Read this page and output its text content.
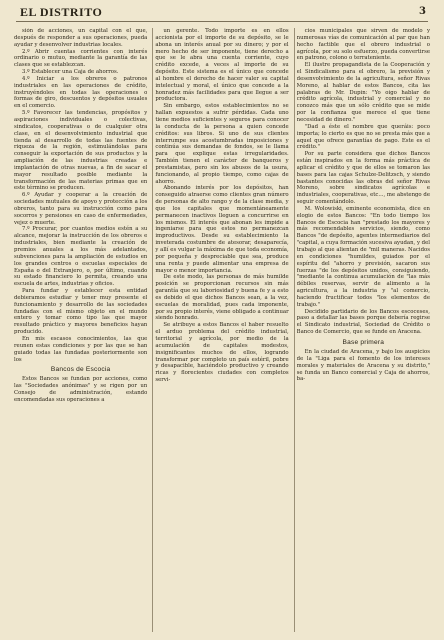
EL DISTRITO	3

sión de acciones, un capital con el que, después de responder a sus operaciones, pueda ayudar y desenvolver industrias locales.

2.º Abrir cuentas corrientes con interés ordinario o mutuo, mediante la garantía de las clases que se establezcan.

3.º Establecer una Caja de ahorros.

4.º Iniciar a los obreros o patronos industriales en las operaciones de crédito, instruyéndoles en todas las operaciones o formas de giro, descuentos y depósitos usuales en el comercio.

5.º Favorecer las tendencias, propósitos y aspiraciones individuales o colectivas, sindicatos, cooperativas o de cualquier otra clase, en el desenvolvimiento industrial que tienda al desarrollo de todas las fuentes de riqueza de la región, estimulándolas para conseguir la exportación de sus productos y la ampliación de las industrias creadas e implantación de otras nuevas, a fin de sacar el mayor resultado posible mediante la transformación de las materias primas que en este término se producen.

6.º Ayudar y cooperar a la creación de sociedades mutuales de apoyo y protección a los obreros, tanto para su instrucción como para socorros y pensiones en caso de enfermedades, vejez o muerte.

7.º Procurar, por cuantos medios estén a su alcance, mejorar la instrucción de los obreros e industriales, bien mediante la creación de premios anuales a los más adelantados, subvenciones para la ampliación de estudios en los grandes centros o escuelas especiales de España o del Extranjero, o, por último, cuando su estado financiero lo permita, creando una escuela de artes, industrias y oficios.

Para fundar y establecer esta entidad debieramos estudiar y tener muy presente el funcionamiento y desarrollo de las sociedades fundadas con el mismo objeto en el mundo entero y tomar como tipo las que mayor resultado práctico y mayores beneficios hayan producido.

En mis escasos conocimientos, las que reunen estas condiciones y por las que se han guiado todas las fundadas posteriormente son los

Bancos de Escocia

Estos Bancos se fundan por acciones, como las "Sociedades anónimas" y se rigen por un Consejo de administración, estando encomendadas sus operaciones a

un gerente. Todo importe es en ellos accionista por el importe de su depósito, se le abona un interés anual por su dinero; y por el mero hecho de ser imponente, tiene derecho a que se le abra una cuenta corriente, cuyo crédito excede, a veces al importe de su depósito. Este sistema es el único que concede al hombre el derecho de hacer valer su capital intelectual y moral, el único que concede a la honradez más facilidades para que llegue a ser productora.

Sin embargo, estos establecimientos no se hallan expuestos a sufrir pérdidas. Cada uno tiene medios suficientes y seguros para conocer la conducta de la persona a quien concede créditos: sus libros. Si uno de sus clientes interrumpe sus acostumbradas imposiciones y continúa sus demandas de fondos, se le llama para que explique estas irregularidades. También tienen el carácter de banqueros y prestamistas, pero sin los abusos de la usura, funcionando, al propio tiempo, como cajas de ahorro.

Abonando interés por los depósitos, han conseguido atraerse como clientes gran número de personas de alto rango y de la clase media, y que los capitales que momentáneamente permanecen inactivos lleguen a concurrirse en los mismos. El interés que abonan les impide a ingeniarse para que estos no permanezcan improductivos. Desde su establecimiento la inveterada costumbre de atesorar, desaparecía, y allí es vulgar la máxima de que toda economía, por pequeña y despreciable que sea, produce una renta y puede alimentar una empresa de mayor o menor importancia.

De este modo, las personas de más humilde posición se proporcionan recursos sin más garantía que su laboriosidad y buena fe y a esto es debido el que dichos Bancos sean, a la vez, escuelas de moralidad, pues cada imponente, por su propio interés, viene obligado a continuar siendo honrado.

Se atribuye a estos Bancos el haber resuelto el arduo problema del crédito industrial, territorial y agrícola, por medio de la acumulación de capitales modestos, insignificantes muchos de ellos, logrando transformar por completo un país estéril, pobre y desapacible, haciéndolo productivo y creando ricas y florecientes ciudades con completos servi-

cios municipales que sirven de modelo y numerosas vías de comunicación al par que han hecho factible que el obrero industrial o agrícola, por su solo esfuerzo, pueda convertirse en patrono, colono o terrateniente.

El ilustre propagandista de la Cooperación y el Sindicalismo para el obrero, la previsión y desenvolvimiento de la agricultura, señor Rivas Moreno, al hablar de estos Bancos, cita las palabras de Mr. Dupin: "Yo oigo hablar de crédito agrícola, industrial y comercial y no conozco más que un sólo crédito que se mide por la confianza que merece el que tiene necesidad de dinero."

"Dad a éste el nombre que queráis: poco importa; lo cierto es que no se presta más que a aquel que ofrece garantías de pago. Este es el crédito."

Por su parte considera que dichos Bancos están inspirados en la forma más práctica de aplicar el crédito y que de ellos se tomaron las bases para las cajas Schulze-Delitzsch, y siendo bastantes conocidas las obras del señor Rivas Moreno, sobre sindicatos agrícolas e industriales, cooperativas, etc..., me abstengo de seguir comentándolo.

M. Wolowiski, eminente economista, dice en elogio de estos Bancos: "En todo tiempo los Bancos de Escocia han "prestado los mayores y más recomendables servicios, siendo, como Bancos "de depósito, agentes intermediarios del "capital, a cuya formación sucesiva ayudan, y del trabajo al que alientan de "mil maneras. Nacidos en condiciones "humildes, guiados por el espíritu del "ahorro y previsión, sacaron sus fuerzas "de los depósitos unidos, consiguiendo, "mediante la continua acumulación de "las más débiles reservas, servir de alimento a la agricultura, a la industria y "al comercio, haciendo fructificar todos "los elementos de trabajo."

Decidido partidario de los Bancos escoceses, paso a detallar las bases porque debería regirse el Sindicato industrial, Sociedad de Crédito o Banco de Comercio, que se funde en Aracena.

Base primera

En la ciudad de Aracena, y bajo los auspicios de la "Liga para el fomento de los intereses morales y materiales de Aracena y su distrito," se funda un Banco comercial y Caja de ahorros, ba-
